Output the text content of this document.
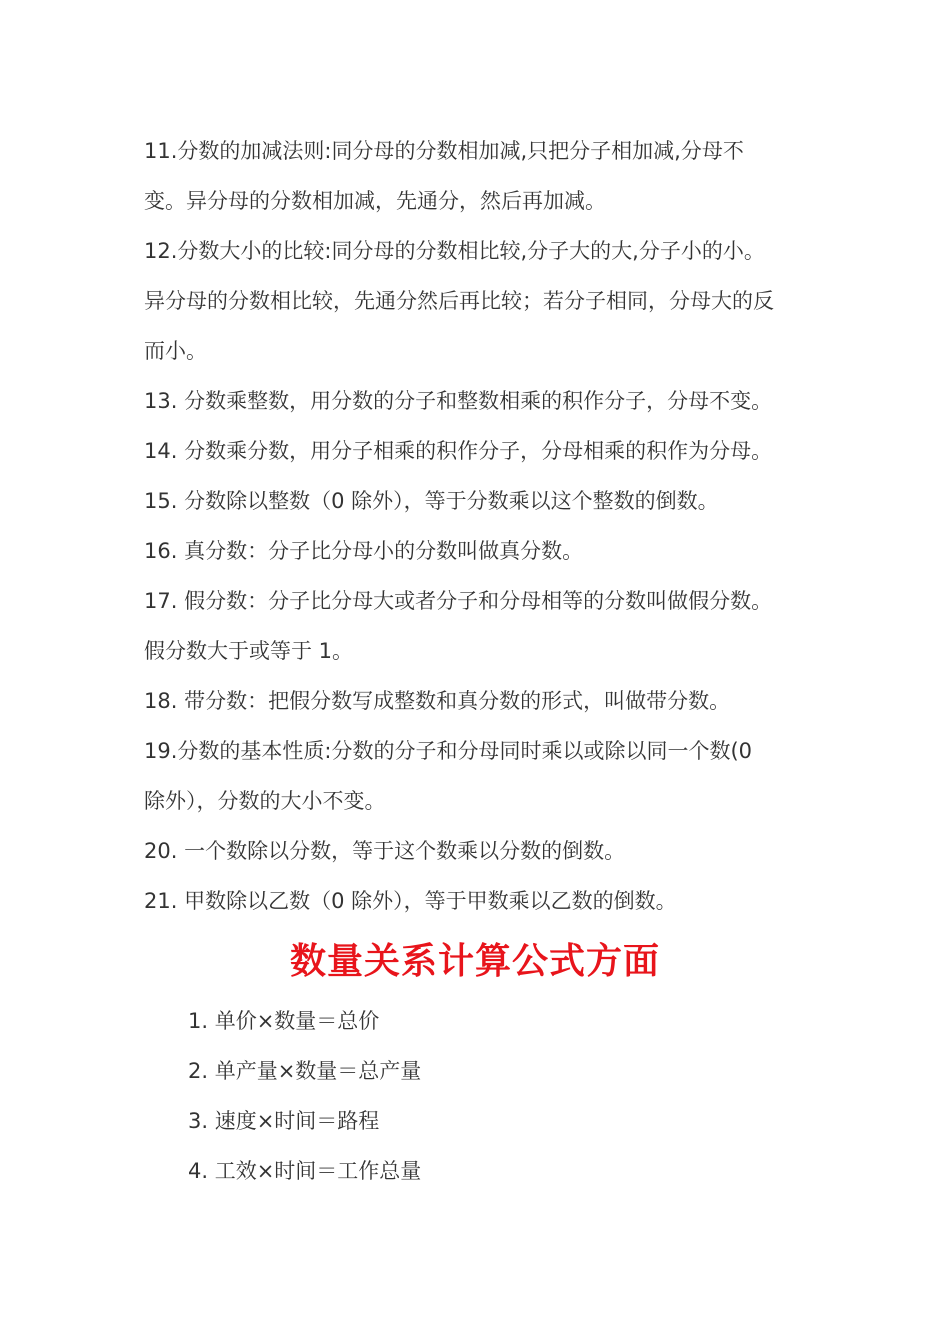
11.分数的加减法则:同分母的分数相加减,只把分子相加减,分母不
变。异分母的分数相加减，先通分，然后再加减。
12.分数大小的比较:同分母的分数相比较,分子大的大,分子小的小。
异分母的分数相比较，先通分然后再比较；若分子相同，分母大的反
而小。
13. 分数乘整数，用分数的分子和整数相乘的积作分子，分母不变。
14. 分数乘分数，用分子相乘的积作分子，分母相乘的积作为分母。
15. 分数除以整数（0 除外），等于分数乘以这个整数的倒数。
16. 真分数：分子比分母小的分数叫做真分数。
17. 假分数：分子比分母大或者分子和分母相等的分数叫做假分数。
假分数大于或等于 1。
18. 带分数：把假分数写成整数和真分数的形式，叫做带分数。
19.分数的基本性质:分数的分子和分母同时乘以或除以同一个数(0
除外），分数的大小不变。
20. 一个数除以分数，等于这个数乘以分数的倒数。
21. 甲数除以乙数（0 除外），等于甲数乘以乙数的倒数。
数量关系计算公式方面
1. 单价×数量＝总价
2. 单产量×数量＝总产量
3. 速度×时间＝路程
4. 工效×时间＝工作总量
